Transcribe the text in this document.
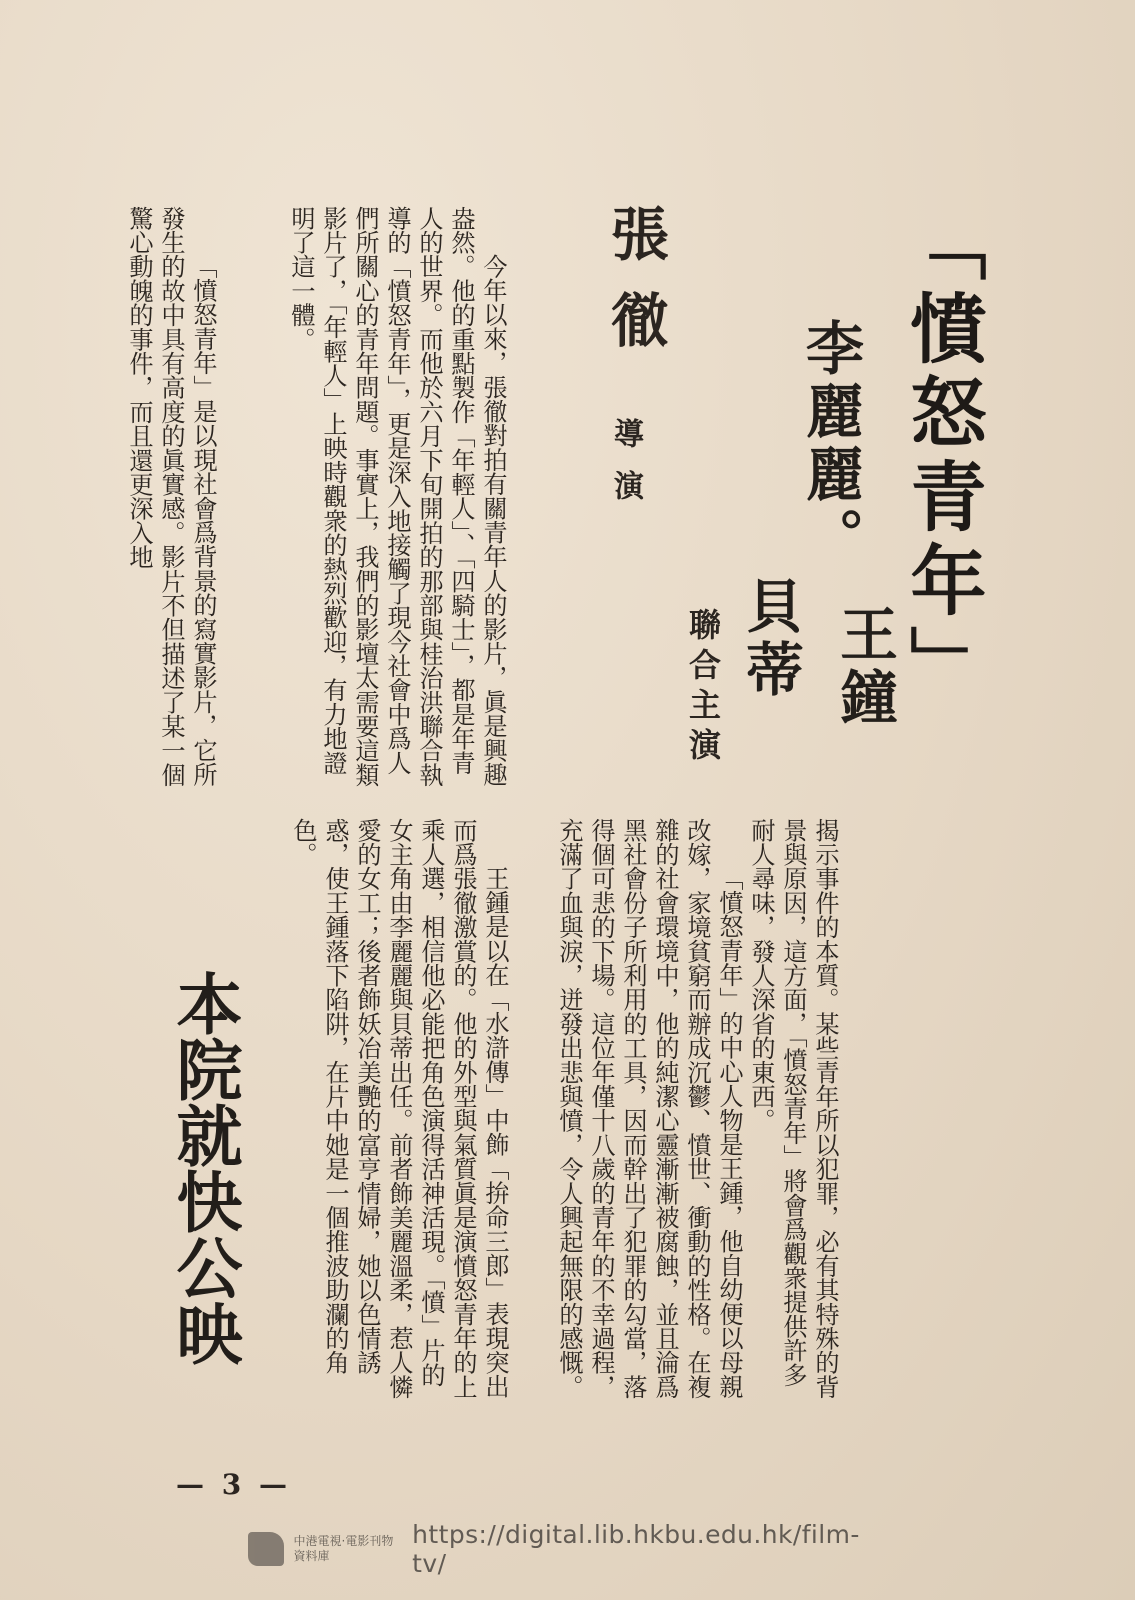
「憤怒青年」
李麗麗。
王鐘
貝蒂
聯合主演
張徹
導演
今年以來，張徹對拍有關青年人的影片，眞是興趣盎然。他的重點製作「年輕人」、「四騎士」，都是年青人的世界。而他於六月下旬開拍的那部與桂治洪聯合執導的「憤怒青年」，更是深入地接觸了現今社會中爲人們所關心的青年問題。事實上，我們的影壇太需要這類影片了，「年輕人」上映時觀衆的熱烈歡迎，有力地證明了這一體。
「憤怒青年」是以現社會爲背景的寫實影片，它所發生的故中具有高度的眞實感。影片不但描述了某一個驚心動魄的事件，而且還更深入地
揭示事件的本質。某些青年所以犯罪，必有其特殊的背景與原因，這方面，「憤怒青年」將會爲觀衆提供許多耐人尋味，發人深省的東西。
「憤怒青年」的中心人物是王鍾，他自幼便以母親改嫁，家境貧窮而辦成沉鬱、憤世、衝動的性格。在複雜的社會環境中，他的純潔心靈漸漸被腐蝕，並且淪爲黑社會份子所利用的工具，因而幹出了犯罪的勾當，落得個可悲的下場。這位年僅十八歲的青年的不幸過程，充滿了血與淚，迸發出悲與憤，令人興起無限的感慨。
王鍾是以在「水滸傳」中飾「拚命三郎」表現突出而爲張徹激賞的。他的外型與氣質眞是演憤怒青年的上乘人選，相信他必能把角色演得活神活現。「憤」片的女主角由李麗麗與貝蒂出任。前者飾美麗溫柔，惹人憐愛的女工；後者飾妖冶美艷的富亨情婦，她以色情誘惑，使王鍾落下陷阱，在片中她是一個推波助瀾的角色。
本院就快公映
— 3 —
中港電視·電影刊物資料庫
https://digital.lib.hkbu.edu.hk/film-tv/
